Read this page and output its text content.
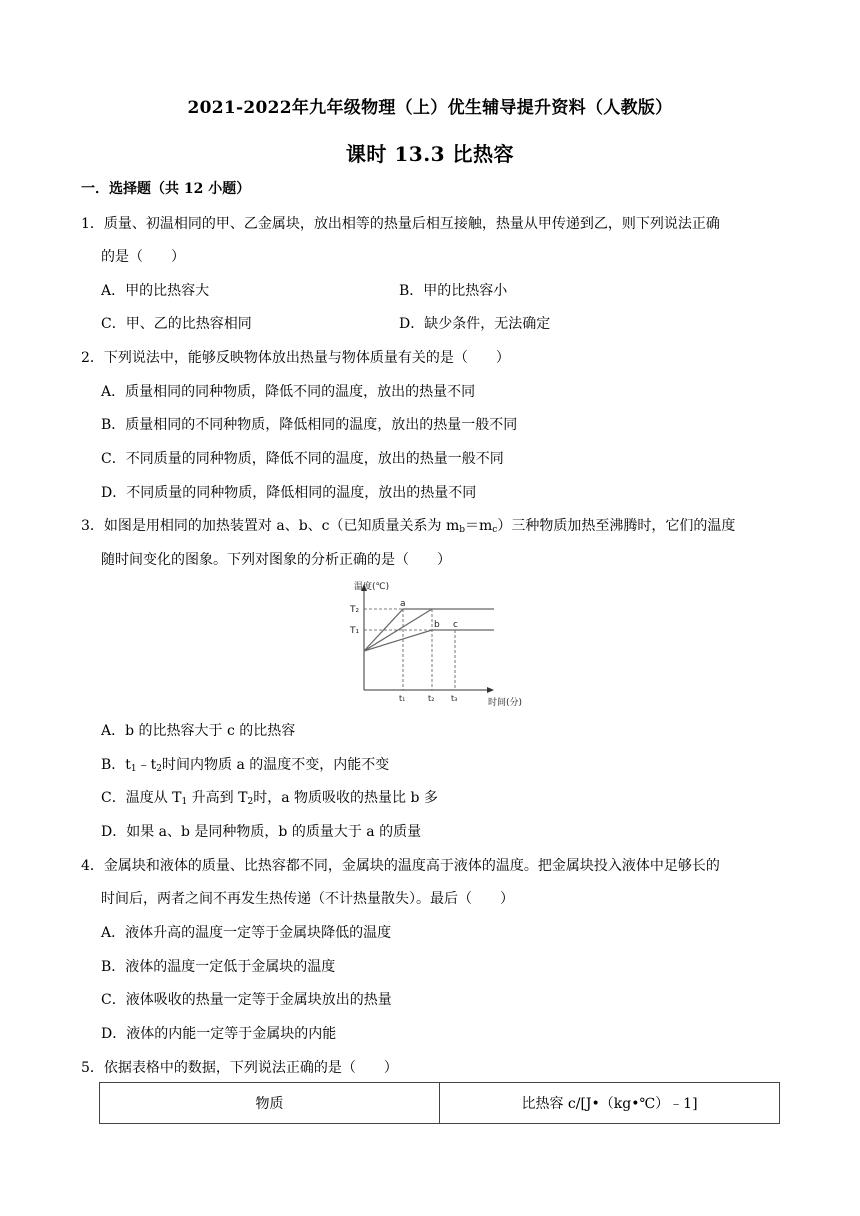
2021-2022年九年级物理（上）优生辅导提升资料（人教版）
课时 13.3 比热容
一．选择题（共 12 小题）
1．质量、初温相同的甲、乙金属块，放出相等的热量后相互接触，热量从甲传递到乙，则下列说法正确
的是（　　）
A．甲的比热容大	B．甲的比热容小
C．甲、乙的比热容相同	D．缺少条件，无法确定
2．下列说法中，能够反映物体放出热量与物体质量有关的是（　　）
A．质量相同的同种物质，降低不同的温度，放出的热量不同
B．质量相同的不同种物质，降低相同的温度，放出的热量一般不同
C．不同质量的同种物质，降低不同的温度，放出的热量一般不同
D．不同质量的同种物质，降低相同的温度，放出的热量不同
3．如图是用相同的加热装置对 a、b、c（已知质量关系为 $m_b=m_c$）三种物质加热至沸腾时，它们的温度
随时间变化的图象。下列对图象的分析正确的是（　　）
温度(℃)
时间(分)
T₂
T₁
t₁	t₂ t₃
a
b c
A．b 的比热容大于 c 的比热容
B．$t_1﹣t_2$时间内物质 a 的温度不变，内能不变
C．温度从 $T_1$ 升高到 $T_2$时，a 物质吸收的热量比 b 多
D．如果 a、b 是同种物质，b 的质量大于 a 的质量
4．金属块和液体的质量、比热容都不同，金属块的温度高于液体的温度。把金属块投入液体中足够长的
时间后，两者之间不再发生热传递（不计热量散失）。最后（　　）
A．液体升高的温度一定等于金属块降低的温度
B．液体的温度一定低于金属块的温度
C．液体吸收的热量一定等于金属块放出的热量
D．液体的内能一定等于金属块的内能
5．依据表格中的数据，下列说法正确的是（　　）
物质	比热容 c/[J•（kg•℃）﹣1]
